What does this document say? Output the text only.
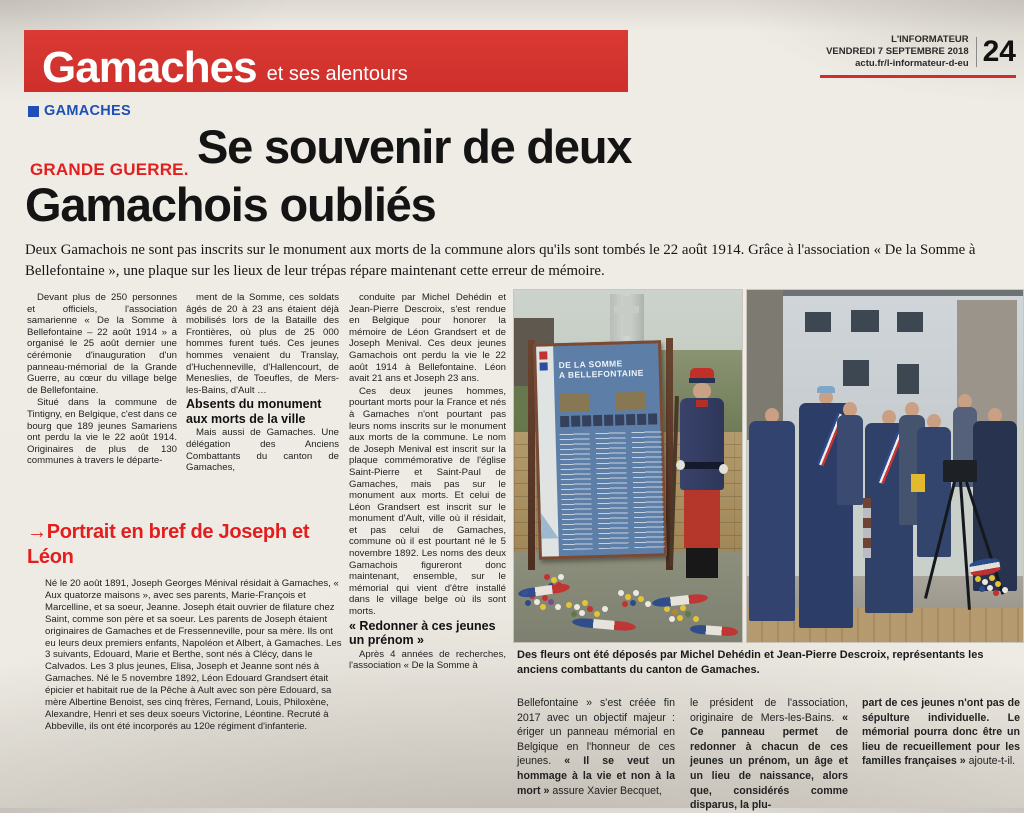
Gamaches et ses alentours
L'INFORMATEUR
VENDREDI 7 SEPTEMBRE 2018
actu.fr/l-informateur-d-eu 24
GAMACHES
Se souvenir de deux Gamachois oubliés
GRANDE GUERRE.
Deux Gamachois ne sont pas inscrits sur le monument aux morts de la commune alors qu'ils sont tombés le 22 août 1914. Grâce à l'association « De la Somme à Bellefontaine », une plaque sur les lieux de leur trépas répare maintenant cette erreur de mémoire.

Devant plus de 250 personnes et officiels, l'association samarienne « De la Somme à Bellefontaine – 22 août 1914 » a organisé le 25 août dernier une cérémonie d'inauguration d'un panneau-mémorial de la Grande Guerre, au cœur du village belge de Bellefontaine.

Situé dans la commune de Tintigny, en Belgique, c'est dans ce bourg que 189 jeunes Samariens ont perdu la vie le 22 août 1914. Originaires de plus de 130 communes à travers le départe-

ment de la Somme, ces soldats âgés de 20 à 23 ans étaient déjà mobilisés lors de la Bataille des Frontières, où plus de 25 000 hommes furent tués. Ces jeunes hommes venaient du Translay, d'Huchenneville, d'Hallencourt, de Meneslies, de Toeufles, de Mers-les-Bains, d'Ault …

Absents du monument aux morts de la ville

Mais aussi de Gamaches. Une délégation des Anciens Combattants du canton de Gamaches,

conduite par Michel Dehédin et Jean-Pierre Descroix, s'est rendue en Belgique pour honorer la mémoire de Léon Grandsert et de Joseph Menival. Ces deux jeunes Gamachois ont perdu la vie le 22 août 1914 à Bellefontaine. Léon avait 21 ans et Joseph 23 ans.

Ces deux jeunes hommes, pourtant morts pour la France et nés à Gamaches n'ont pourtant pas leurs noms inscrits sur le monument aux morts de la commune. Le nom de Joseph Menival est inscrit sur la plaque commémorative de l'église Saint-Pierre et Saint-Paul de Gamaches, mais pas sur le monument aux morts. Et celui de Léon Grandsert est inscrit sur le monument d'Ault, ville où il résidait, et pas celui de Gamaches, commune où il est pourtant né le 5 novembre 1892. Les noms des deux Gamachois figureront donc maintenant, ensemble, sur le mémorial qui vient d'être installé dans le village belge où ils sont morts.

« Redonner à ces jeunes un prénom »

Après 4 années de recherches, l'association « De la Somme à

→Portrait en bref de Joseph et Léon
Né le 20 août 1891, Joseph Georges Ménival résidait à Gamaches, « Aux quatorze maisons », avec ses parents, Marie-François et Marcelline, et sa soeur, Jeanne. Joseph était ouvrier de filature chez Saint, comme son père et sa soeur. Les parents de Joseph étaient originaires de Gamaches et de Fressenneville, pour sa mère. Ils ont eu leurs deux premiers enfants, Napoléon et Albert, à Gamaches. Les 3 suivants, Edouard, Marie et Berthe, sont nés à Clécy, dans le Calvados. Les 3 plus jeunes, Elisa, Joseph et Jeanne sont nés à Gamaches. Né le 5 novembre 1892, Léon Edouard Grandsert était épicier et habitait rue de la Pêche à Ault avec son père Edouard, sa mère Albertine Benoist, ses cinq frères, Fernand, Louis, Philoxène, Alexandre, Henri et ses deux soeurs Victorine, Léontine. Recruté à Abbeville, ils ont été incorporés au 120e régiment d'infanterie.
DE LA SOMME
A BELLEFONTAINE
Des fleurs ont été déposés par Michel Dehédin et Jean-Pierre Descroix, représentants les anciens combattants du canton de Gamaches.
Bellefontaine » s'est créée fin 2017 avec un objectif majeur : ériger un panneau mémorial en Belgique en l'honneur de ces jeunes. « Il se veut un hommage à la vie et non à la mort » assure Xavier Becquet,
le président de l'association, originaire de Mers-les-Bains. « Ce panneau permet de redonner à chacun de ces jeunes un prénom, un âge et un lieu de naissance, alors que, considérés comme disparus, la plu-
part de ces jeunes n'ont pas de sépulture individuelle. Le mémorial pourra donc être un lieu de recueillement pour les familles françaises » ajoute-t-il.
